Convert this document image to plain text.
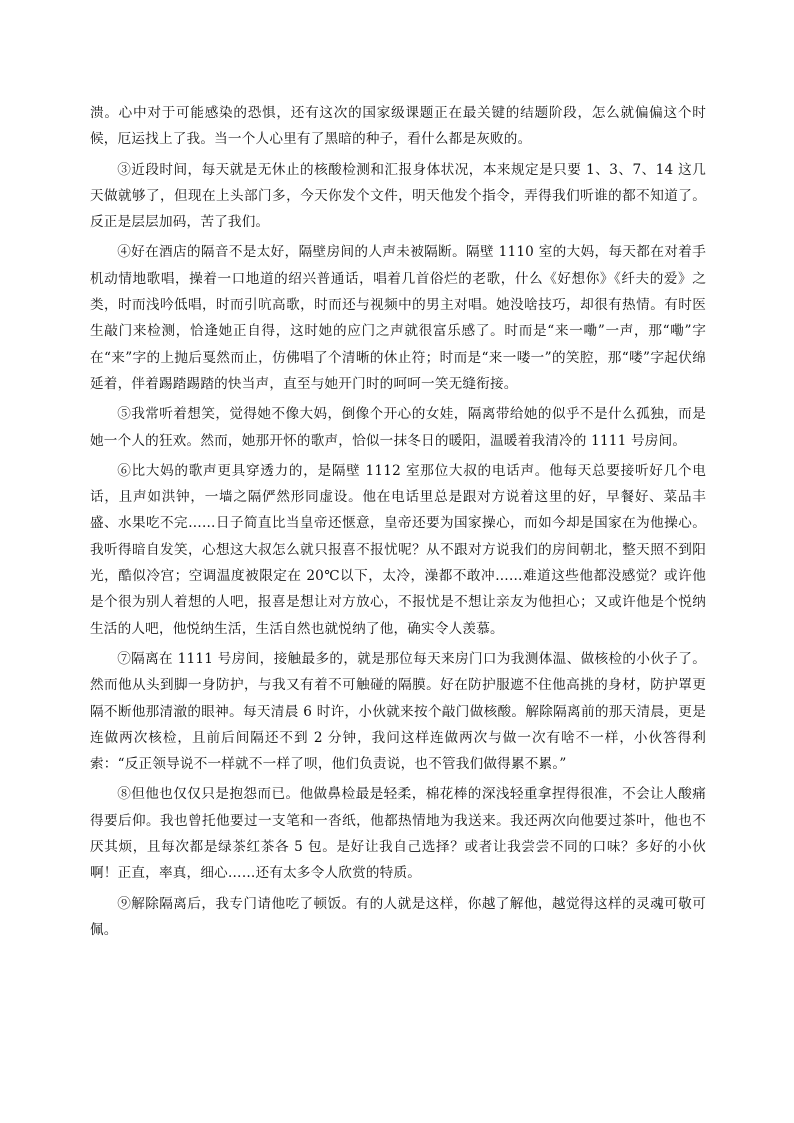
溃。心中对于可能感染的恐惧，还有这次的国家级课题正在最关键的结题阶段，怎么就偏偏这个时候，厄运找上了我。当一个人心里有了黑暗的种子，看什么都是灰败的。

③近段时间，每天就是无休止的核酸检测和汇报身体状况，本来规定是只要 1、3、7、14 这几天做就够了，但现在上头部门多，今天你发个文件，明天他发个指令，弄得我们听谁的都不知道了。反正是层层加码，苦了我们。

④好在酒店的隔音不是太好，隔壁房间的人声未被隔断。隔壁 1110 室的大妈，每天都在对着手机动情地歌唱，操着一口地道的绍兴普通话，唱着几首俗烂的老歌，什么《好想你》《纤夫的爱》之类，时而浅吟低唱，时而引吭高歌，时而还与视频中的男主对唱。她没啥技巧，却很有热情。有时医生敲门来检测，恰逢她正自得，这时她的应门之声就很富乐感了。时而是“来一嘞”一声，那“嘞”字在“来”字的上抛后戛然而止，仿佛唱了个清晰的休止符；时而是“来一喽一”的笑腔，那“喽”字起伏绵延着，伴着踢踏踢踏的快当声，直至与她开门时的呵呵一笑无缝衔接。

⑤我常听着想笑，觉得她不像大妈，倒像个开心的女娃，隔离带给她的似乎不是什么孤独，而是她一个人的狂欢。然而，她那开怀的歌声，恰似一抹冬日的暖阳，温暖着我清冷的 1111 号房间。

⑥比大妈的歌声更具穿透力的，是隔壁 1112 室那位大叔的电话声。他每天总要接听好几个电话，且声如洪钟，一墙之隔俨然形同虚设。他在电话里总是跟对方说着这里的好，早餐好、菜品丰盛、水果吃不完……日子简直比当皇帝还惬意，皇帝还要为国家操心，而如今却是国家在为他操心。我听得暗自发笑，心想这大叔怎么就只报喜不报忧呢？从不跟对方说我们的房间朝北，整天照不到阳光，酷似冷宫；空调温度被限定在 20℃以下，太冷，澡都不敢冲……难道这些他都没感觉？或许他是个很为别人着想的人吧，报喜是想让对方放心，不报忧是不想让亲友为他担心；又或许他是个悦纳生活的人吧，他悦纳生活，生活自然也就悦纳了他，确实令人羡慕。

⑦隔离在 1111 号房间，接触最多的，就是那位每天来房门口为我测体温、做核检的小伙子了。然而他从头到脚一身防护，与我又有着不可触碰的隔膜。好在防护服遮不住他高挑的身材，防护罩更隔不断他那清澈的眼神。每天清晨 6 时许，小伙就来按个敲门做核酸。解除隔离前的那天清晨，更是连做两次核检，且前后间隔还不到 2 分钟，我问这样连做两次与做一次有啥不一样，小伙答得利索：“反正领导说不一样就不一样了呗，他们负责说，也不管我们做得累不累。”

⑧但他也仅仅只是抱怨而已。他做鼻检最是轻柔，棉花棒的深浅轻重拿捏得很准，不会让人酸痛得要后仰。我也曾托他要过一支笔和一沓纸，他都热情地为我送来。我还两次向他要过茶叶，他也不厌其烦，且每次都是绿茶红茶各 5 包。是好让我自己选择？或者让我尝尝不同的口味？多好的小伙啊！正直，率真，细心……还有太多令人欣赏的特质。

⑨解除隔离后，我专门请他吃了顿饭。有的人就是这样，你越了解他，越觉得这样的灵魂可敬可佩。
